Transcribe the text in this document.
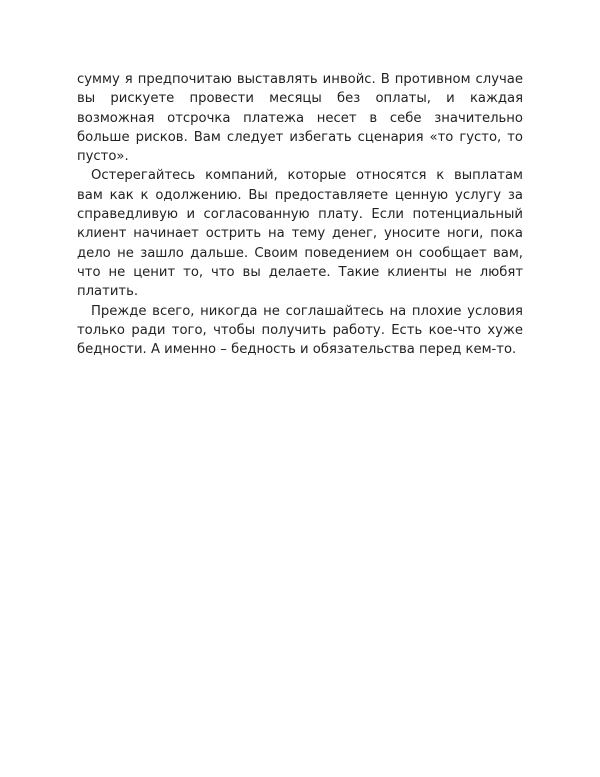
сумму я предпочитаю выставлять инвойс. В противном случае вы рискуете провести месяцы без оплаты, и каждая возможная отсрочка платежа несет в себе значительно больше рисков. Вам следует избегать сценария «то густо, то пусто».

Остерегайтесь компаний, которые относятся к выплатам вам как к одолжению. Вы предоставляете ценную услугу за справедливую и согласованную плату. Если потенциальный клиент начинает острить на тему денег, уносите ноги, пока дело не зашло дальше. Своим поведением он сообщает вам, что не ценит то, что вы делаете. Такие клиенты не любят платить.

Прежде всего, никогда не соглашайтесь на плохие условия только ради того, чтобы получить работу. Есть кое-что хуже бедности. А именно – бедность и обязательства перед кем-то.
